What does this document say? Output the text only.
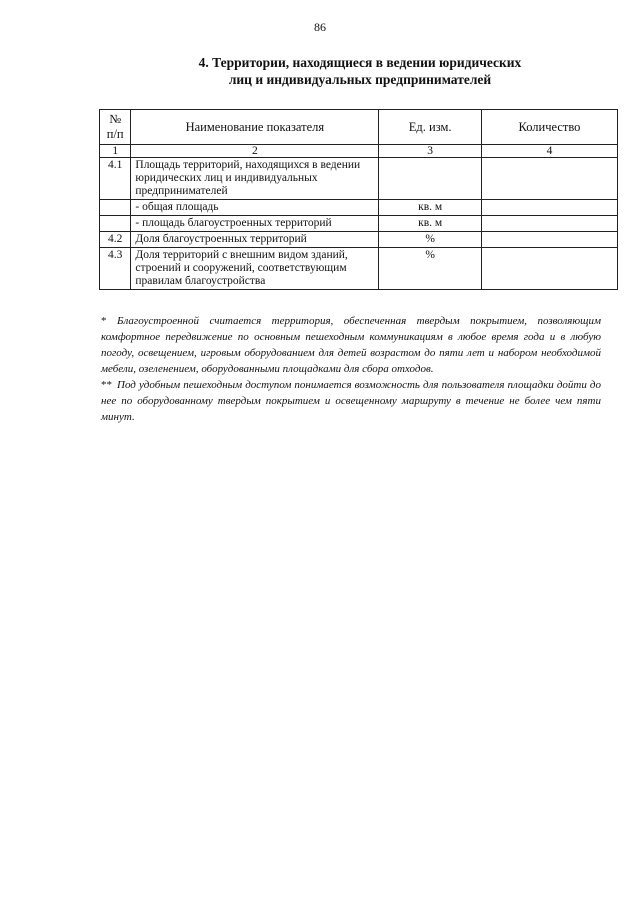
86
4. Территории, находящиеся в ведении юридических
лиц и индивидуальных предпринимателей
№
п/п	Наименование показателя	Ед. изм.	Количество
1	2	3	4
4.1	Площадь территорий, находящихся в ведении юридических лиц и индивидуальных предпринимателей		
	- общая площадь	кв. м	
	- площадь благоустроенных территорий	кв. м	
4.2	Доля благоустроенных территорий	%	
4.3	Доля территорий с внешним видом зданий, строений и сооружений, соответствующим правилам благоустройства	%	

* Благоустроенной считается территория, обеспеченная твердым покрытием, позволяющим комфортное передвижение по основным пешеходным коммуникациям в любое время года и в любую погоду, освещением, игровым оборудованием для детей возрастом до пяти лет и набором необходимой мебели, озеленением, оборудованными площадками для сбора отходов.

** Под удобным пешеходным доступом понимается возможность для пользователя площадки дойти до нее по оборудованному твердым покрытием и освещенному маршруту в течение не более чем пяти минут.
